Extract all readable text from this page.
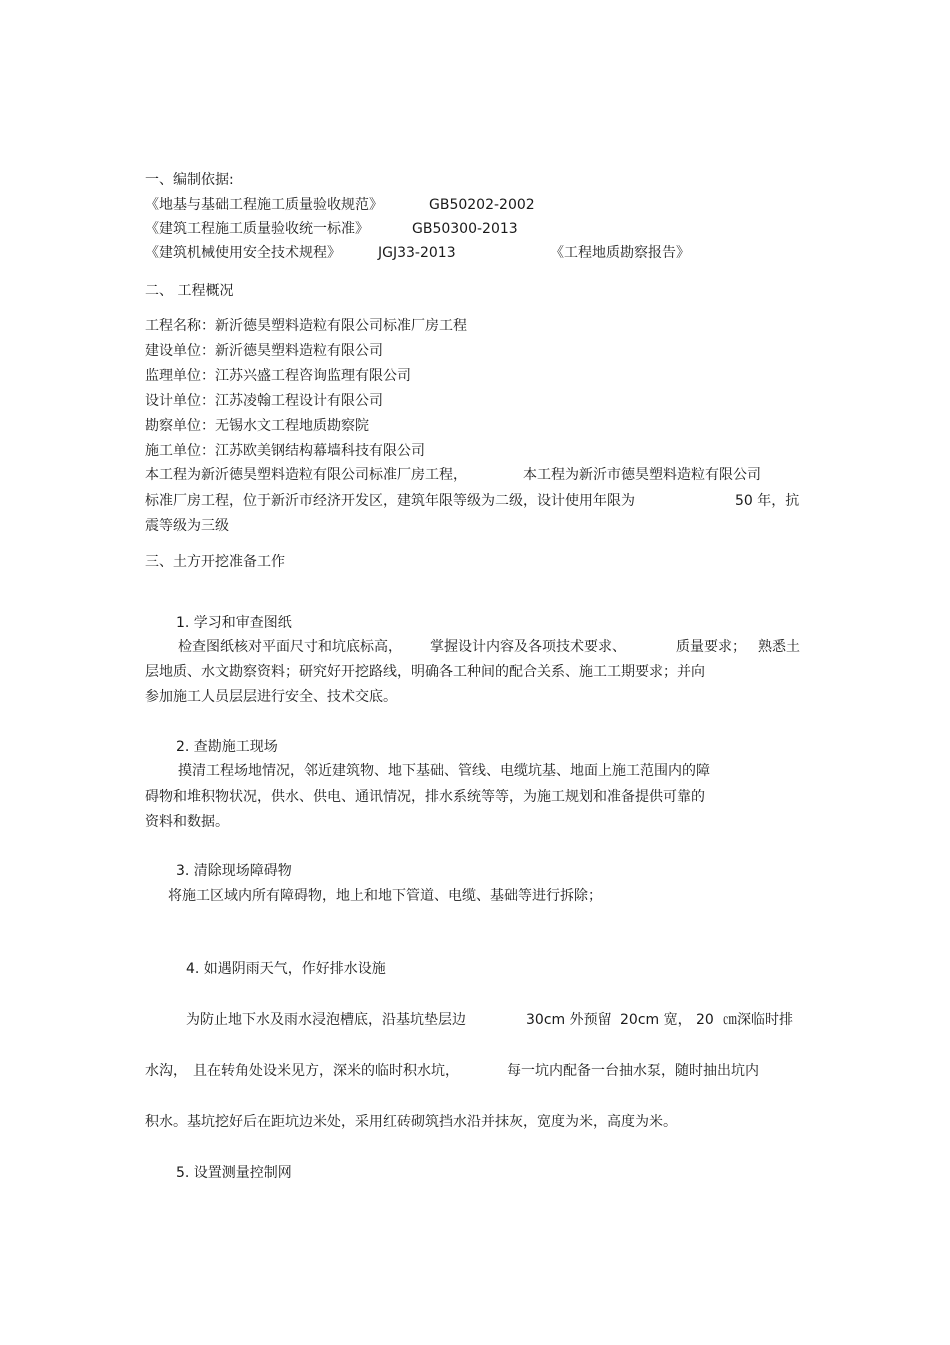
一、编制依据:
《地基与基础工程施工质量验收规范》	GB50202-2002
《建筑工程施工质量验收统一标准》	GB50300-2013
《建筑机械使用安全技术规程》	JGJ33-2013	《工程地质勘察报告》
二、 工程概况
工程名称：新沂德昊塑料造粒有限公司标准厂房工程
建设单位：新沂德昊塑料造粒有限公司
监理单位：江苏兴盛工程咨询监理有限公司
设计单位：江苏凌翰工程设计有限公司
勘察单位：无锡水文工程地质勘察院
施工单位：江苏欧美钢结构幕墙科技有限公司
本工程为新沂德昊塑料造粒有限公司标准厂房工程，	本工程为新沂市德昊塑料造粒有限公司
标准厂房工程，位于新沂市经济开发区，建筑年限等级为二级，设计使用年限为	50 年，抗
震等级为三级
三、土方开挖准备工作
1. 学习和审查图纸
检查图纸核对平面尺寸和坑底标高， 掌握设计内容及各项技术要求、	质量要求； 熟悉土
层地质、水文勘察资料；研究好开挖路线，明确各工种间的配合关系、施工工期要求；并向
参加施工人员层层进行安全、技术交底。
2. 查勘施工现场
摸清工程场地情况，邻近建筑物、地下基础、管线、电缆坑基、地面上施工范围内的障
碍物和堆积物状况，供水、供电、通讯情况，排水系统等等，为施工规划和准备提供可靠的
资料和数据。
3. 清除现场障碍物
将施工区域内所有障碍物，地上和地下管道、电缆、基础等进行拆除；
4. 如遇阴雨天气，作好排水设施
为防止地下水及雨水浸泡槽底，沿基坑垫层边	30cm 外预留 20cm 宽， 20 ㎝深临时排
水沟， 且在转角处设米见方，深米的临时积水坑，	每一坑内配备一台抽水泵，随时抽出坑内
积水。基坑挖好后在距坑边米处，采用红砖砌筑挡水沿并抹灰，宽度为米，高度为米。
5. 设置测量控制网
